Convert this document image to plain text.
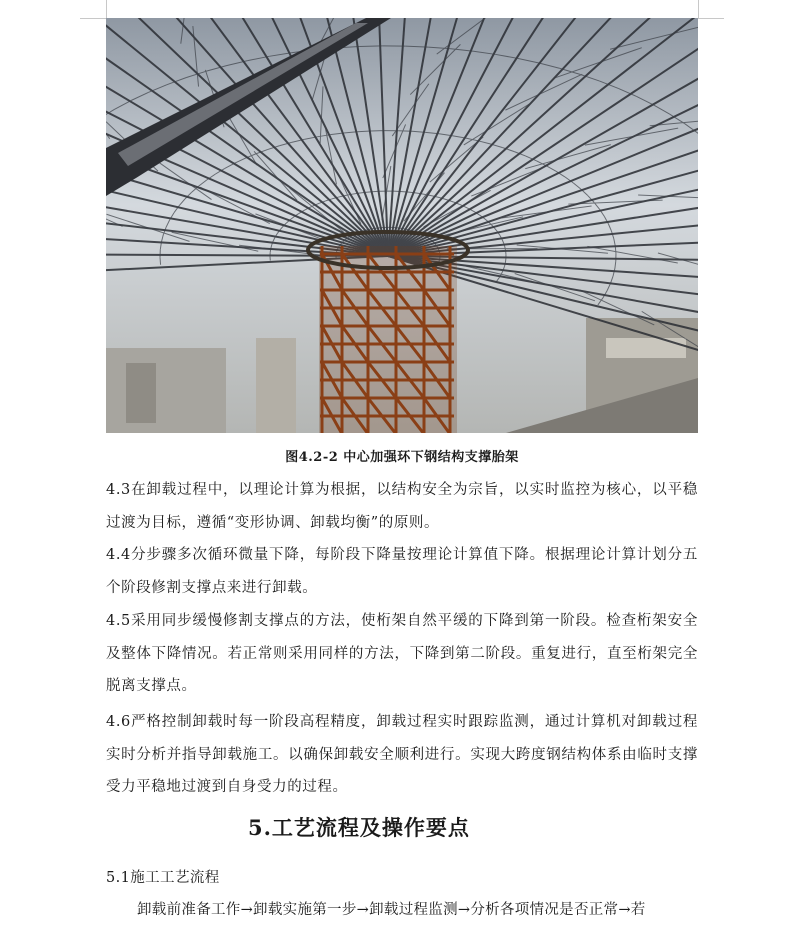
图4.2-2 中心加强环下钢结构支撑胎架
4.3在卸载过程中，以理论计算为根据，以结构安全为宗旨，以实时监控为核心，以平稳过渡为目标，遵循“变形协调、卸载均衡”的原则。
4.4分步骤多次循环微量下降，每阶段下降量按理论计算值下降。根据理论计算计划分五个阶段修割支撑点来进行卸载。
4.5采用同步缓慢修割支撑点的方法，使桁架自然平缓的下降到第一阶段。检查桁架安全及整体下降情况。若正常则采用同样的方法，下降到第二阶段。重复进行，直至桁架完全脱离支撑点。
4.6严格控制卸载时每一阶段高程精度，卸载过程实时跟踪监测，通过计算机对卸载过程实时分析并指导卸载施工。以确保卸载安全顺利进行。实现大跨度钢结构体系由临时支撑受力平稳地过渡到自身受力的过程。
5.工艺流程及操作要点
5.1施工工艺流程
卸载前准备工作→卸载实施第一步→卸载过程监测→分析各项情况是否正常→若
